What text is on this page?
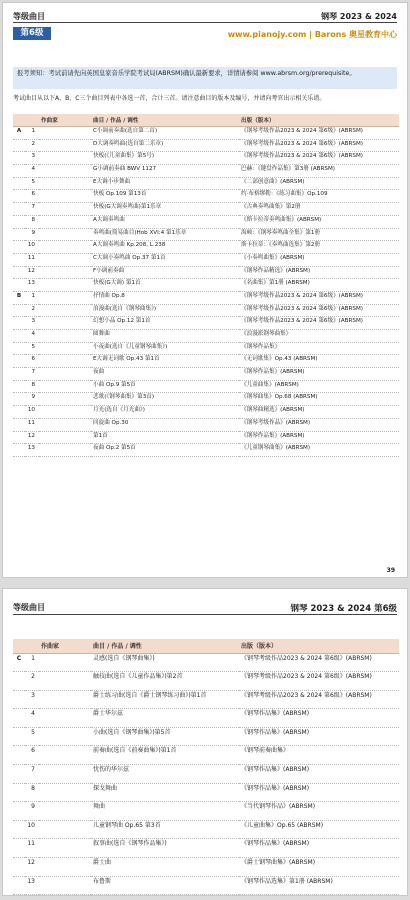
等级曲目	钢琴 2023 & 2024
第6级	www.pianojy.com | Barons 奥星教育中心
报考须知：考试前请先向英国皇家音乐学院考试局(ABRSM)确认最新要求，详情请参阅 www.abrsm.org/prerequisite。
考试曲目从以下A、B、C三个曲目列表中各选一首，合计三首。请注意曲目的版本及编号，并请向考官出示相关乐谱。
		作曲家	曲目 / 作品 / 调性	出版（版本）
A	1		C小调前奏曲(选自第二首)	《钢琴考级作品2023 & 2024 第6级》(ABRSM)
	2		D大调奏鸣曲(选自第二乐章)	《钢琴考级作品2023 & 2024 第6级》(ABRSM)
	3		快板(《儿童曲集》第5号)	《钢琴考级作品2023 & 2024 第6级》(ABRSM)
	4		G小调前奏曲 BWV 1127	巴赫：《键盘作品集》第3册 (ABRSM)
	5		E大调小步舞曲	《二部创意曲》(ABRSM)
	6		快板 Op.109 第13首	约·布格缪勒：《练习曲集》Op.109
	7		快板(G大调奏鸣曲)第1乐章	《古典奏鸣曲集》第2册
	8		A大调奏鸣曲	《斯卡拉蒂奏鸣曲集》(ABRSM)
	9		奏鸣曲(简易曲目)Hob XVI:4 第1乐章	海顿：《钢琴奏鸣曲全集》第1册
	10		A大调奏鸣曲 Kp.208, L.238	斯卡拉蒂：《奏鸣曲选集》第2册
	11		C大调小奏鸣曲 Op.37 第1首	《小奏鸣曲集》(ABRSM)
	12		F小调前奏曲	《钢琴作品精选》(ABRSM)
	13		快板(G大调) 第1首	《名曲集》第1册 (ABRSM)
B	1		抒情曲 Op.8	《钢琴考级作品2023 & 2024 第6级》(ABRSM)
	2		浪漫曲(选自《钢琴曲集》)	《钢琴考级作品2023 & 2024 第6级》(ABRSM)
	3		幻想小品 Op.12 第1首	《钢琴考级作品2023 & 2024 第6级》(ABRSM)
	4		圆舞曲	《浪漫派钢琴曲集》
	5		小夜曲(选自《儿童钢琴曲集》)	《钢琴作品集》
	6		E大调无词歌 Op.43 第1首	《无词歌集》Op.43 (ABRSM)
	7		夜曲	《钢琴作品集》(ABRSM)
	8		小曲 Op.9 第5首	《儿童曲集》(ABRSM)
	9		悲歌(《钢琴曲集》第3首)	《钢琴曲集》Op.68 (ABRSM)
	10		月光(选自《月光曲》)	《钢琴曲精选》(ABRSM)
	11		回旋曲 Op.30	《钢琴考级作品》(ABRSM)
	12		第1首	《钢琴作品集》(ABRSM)
	13		夜曲 Op.2 第5首	《儿童钢琴曲集》(ABRSM)
39
等级曲目	钢琴 2023 & 2024 第6级
		作曲家	曲目 / 作品 / 调性	出版（版本）
C	1		灵感(选自《钢琴曲集》)	《钢琴考级作品2023 & 2024 第6级》(ABRSM)
	2		触技曲(选自《儿童作品集》)第2首	《钢琴考级作品2023 & 2024 第6级》(ABRSM)
	3		爵士练习曲(选自《爵士钢琴练习曲》)第1首	《钢琴考级作品2023 & 2024 第6级》(ABRSM)
	4		爵士华尔兹	《钢琴作品集》(ABRSM)
	5		小曲(选自《钢琴曲集》)第5首	《钢琴作品集》(ABRSM)
	6		前奏曲(选自《前奏曲集》)第1首	《钢琴前奏曲集》
	7		忧伤的华尔兹	《钢琴作品集》(ABRSM)
	8		探戈舞曲	《钢琴作品集》(ABRSM)
	9		舞曲	《当代钢琴作品》(ABRSM)
	10		儿童钢琴曲 Op.65 第3首	《儿童曲集》Op.65 (ABRSM)
	11		叙事曲(选自《钢琴作品集》)	《钢琴作品集》(ABRSM)
	12		爵士曲	《爵士钢琴曲集》(ABRSM)
	13		布鲁斯	《钢琴作品选集》第1册 (ABRSM)
